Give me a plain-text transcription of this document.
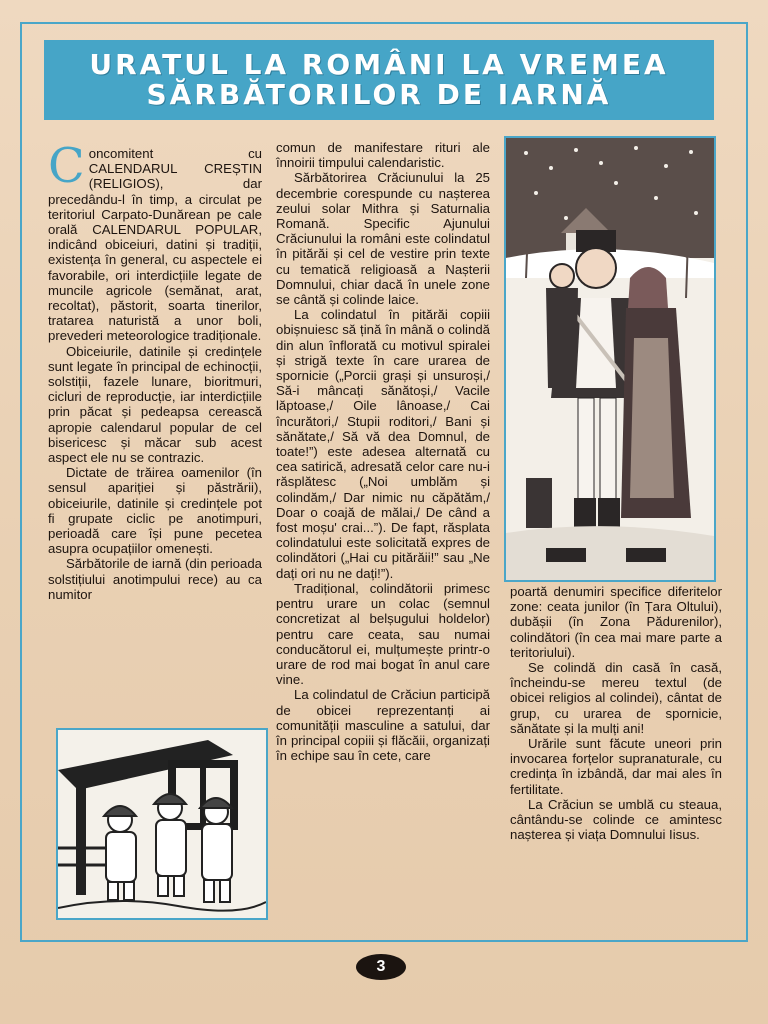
URATUL LA ROMÂNI LA VREMEA
SĂRBĂTORILOR DE IARNĂ

Concomitent cu CALENDARUL CREȘTIN (RELIGIOS), dar precedându-l în timp, a circulat pe teritoriul Carpato-Dunărean pe cale orală CALENDARUL POPULAR, indicând obiceiuri, datini și tradiții, existența în general, cu aspectele ei favorabile, ori interdicțiile legate de muncile agricole (semănat, arat, recoltat), păstorit, soarta tinerilor, tratarea naturistă a unor boli, prevederi meteorologice tradiționale.

Obiceiurile, datinile și credințele sunt legate în principal de echinocții, solstiții, fazele lunare, bioritmuri, cicluri de reproducție, iar interdicțiile prin păcat și pedeapsa cerească apropie calendarul popular de cel bisericesc și măcar sub acest aspect ele nu se contrazic.

Dictate de trăirea oamenilor (în sensul apariției și păstrării), obiceiurile, datinile și credințele pot fi grupate ciclic pe anotimpuri, perioadă care își pune pecetea asupra ocupațiilor omenești.

Sărbătorile de iarnă (din perioada solstițiului anotimpului rece) au ca numitor

comun de manifestare rituri ale înnoirii timpului calendaristic.

Sărbătorirea Crăciunului la 25 decembrie corespunde cu nașterea zeului solar Mithra și Saturnalia Romană. Specific Ajunului Crăciunului la români este colindatul în pitărăi și cel de vestire prin texte cu tematică religioasă a Nașterii Domnului, chiar dacă în unele zone se cântă și colinde laice.

La colindatul în pitărăi copiii obișnuiesc să țină în mână o colindă din alun înflorată cu motivul spiralei și strigă texte în care urarea de spornicie („Porcii grași și unsuroși,/ Să-i mâncați sănătoși,/ Vacile lăptoase,/ Oile lânoase,/ Cai încurători,/ Stupii roditori,/ Bani și sănătate,/ Să vă dea Domnul, de toate!”) este adesea alternată cu cea satirică, adresată celor care nu-i răsplătesc („Noi umblăm și colindăm,/ Dar nimic nu căpătăm,/ Doar o coajă de mălai,/ De când a fost moșu' crai...”). De fapt, răsplata colindatului este solicitată expres de colindători („Hai cu pitărăii!” sau „Ne dați ori nu ne dați!”).

Tradițional, colindătorii primesc pentru urare un colac (semnul concretizat al belșugului holdelor) pentru care ceata, sau numai conducătorul ei, mulțumește printr-o urare de rod mai bogat în anul care vine.

La colindatul de Crăciun participă de obicei reprezentanți ai comunității masculine a satului, dar în principal copiii și flăcăii, organizați în echipe sau în cete, care

poartă denumiri specifice diferitelor zone: ceata junilor (în Țara Oltului), dubășii (în Zona Pădurenilor), colindători (în cea mai mare parte a teritoriului).

Se colindă din casă în casă, încheindu-se mereu textul (de obicei religios al colindei), cântat de grup, cu urarea de spornicie, sănătate și la mulți ani!

Urările sunt făcute uneori prin invocarea forțelor supranaturale, cu credința în izbândă, dar mai ales în fertilitate.

La Crăciun se umblă cu steaua, cântându-se colinde ce amintesc nașterea și viața Domnului Iisus.

3
